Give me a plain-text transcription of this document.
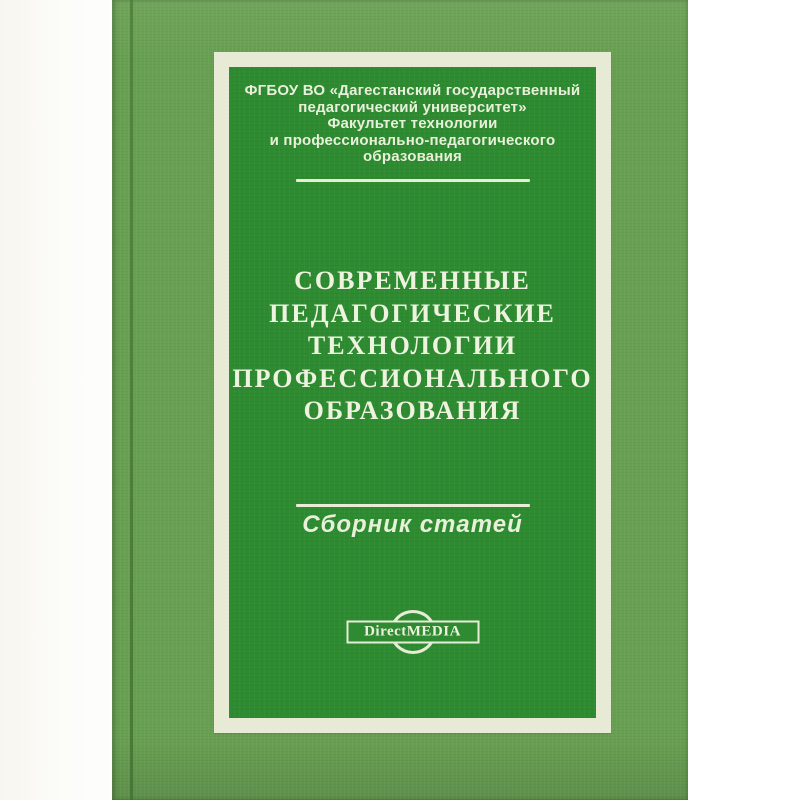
ФГБОУ ВО «Дагестанский государственный
педагогический университет»
Факультет технологии
и профессионально-педагогического
образования
СОВРЕМЕННЫЕ
ПЕДАГОГИЧЕСКИЕ
ТЕХНОЛОГИИ
ПРОФЕССИОНАЛЬНОГО
ОБРАЗОВАНИЯ
Сборник статей
Direct MEDIA
